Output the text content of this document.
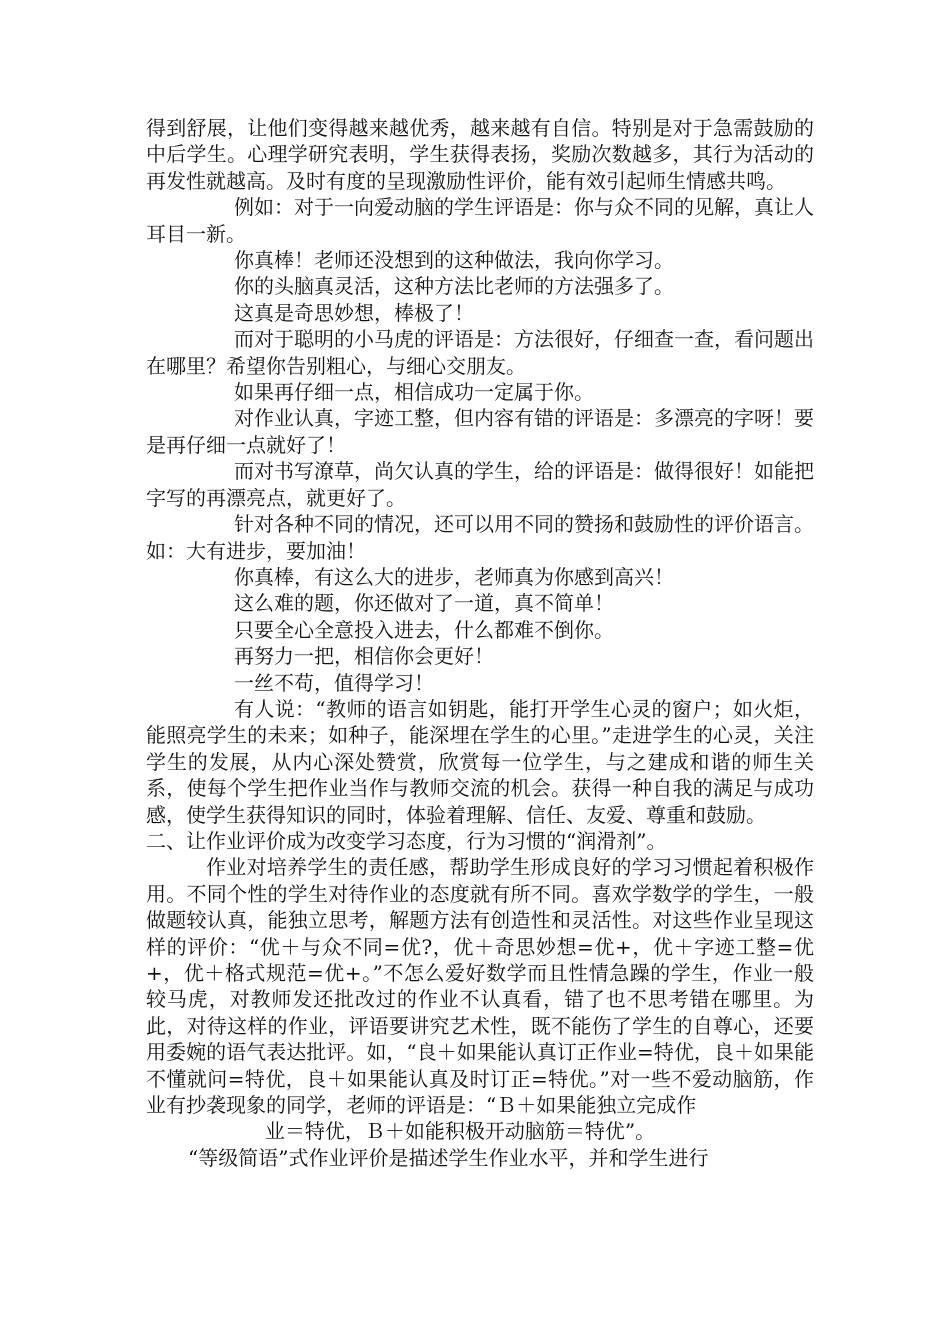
得到舒展，让他们变得越来越优秀，越来越有自信。特别是对于急需鼓励的中后学生。心理学研究表明，学生获得表扬，奖励次数越多，其行为活动的再发性就越高。及时有度的呈现激励性评价，能有效引起师生情感共鸣。

例如：对于一向爱动脑的学生评语是：你与众不同的见解，真让人耳目一新。

你真棒！老师还没想到的这种做法，我向你学习。

你的头脑真灵活，这种方法比老师的方法强多了。

这真是奇思妙想，棒极了！

而对于聪明的小马虎的评语是：方法很好，仔细查一查，看问题出在哪里？希望你告别粗心，与细心交朋友。

如果再仔细一点，相信成功一定属于你。

对作业认真，字迹工整，但内容有错的评语是：多漂亮的字呀！要是再仔细一点就好了！

而对书写潦草，尚欠认真的学生，给的评语是：做得很好！如能把字写的再漂亮点，就更好了。

针对各种不同的情况，还可以用不同的赞扬和鼓励性的评价语言。如：大有进步，要加油！

你真棒，有这么大的进步，老师真为你感到高兴！

这么难的题，你还做对了一道，真不简单！

只要全心全意投入进去，什么都难不倒你。

再努力一把，相信你会更好！

一丝不苟，值得学习！

有人说：“教师的语言如钥匙，能打开学生心灵的窗户；如火炬，能照亮学生的未来；如种子，能深埋在学生的心里。”走进学生的心灵，关注学生的发展，从内心深处赞赏，欣赏每一位学生，与之建成和谐的师生关系，使每个学生把作业当作与教师交流的机会。获得一种自我的满足与成功感，使学生获得知识的同时，体验着理解、信任、友爱、尊重和鼓励。

二、让作业评价成为改变学习态度，行为习惯的“润滑剂”。

作业对培养学生的责任感，帮助学生形成良好的学习习惯起着积极作用。不同个性的学生对待作业的态度就有所不同。喜欢学数学的学生，一般做题较认真，能独立思考，解题方法有创造性和灵活性。对这些作业呈现这样的评价：“优＋与众不同=优?，优＋奇思妙想=优+，优＋字迹工整=优+，优＋格式规范=优+。”不怎么爱好数学而且性情急躁的学生，作业一般较马虎，对教师发还批改过的作业不认真看，错了也不思考错在哪里。为此，对待这样的作业，评语要讲究艺术性，既不能伤了学生的自尊心，还要用委婉的语气表达批评。如，“良＋如果能认真订正作业=特优，良＋如果能不懂就问=特优，良＋如果能认真及时订正=特优。”对一些不爱动脑筋，作业有抄袭现象的同学，老师的评语是：“Ｂ＋如果能独立完成作

业＝特优，Ｂ＋如能积极开动脑筋＝特优”。

“等级简语”式作业评价是描述学生作业水平，并和学生进行
